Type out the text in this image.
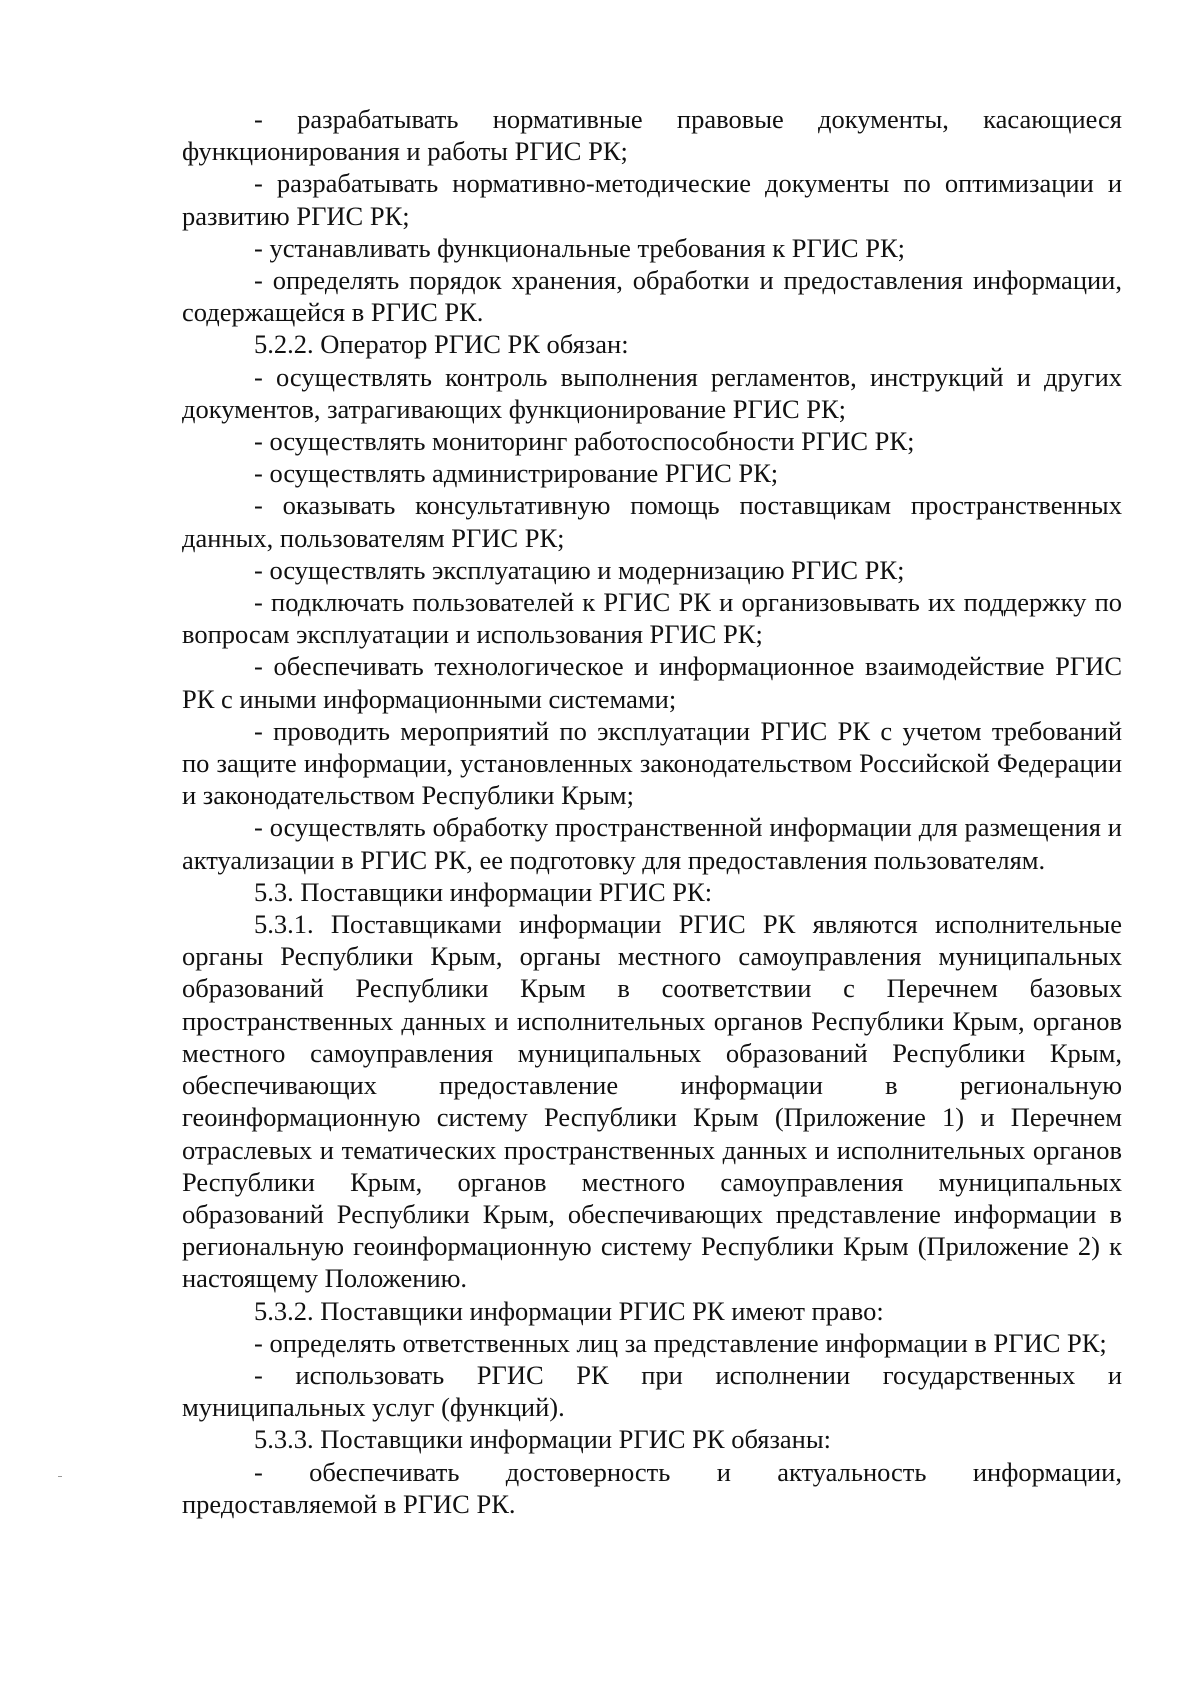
- разрабатывать нормативные правовые документы, касающиеся функционирования и работы РГИС РК;

- разрабатывать нормативно-методические документы по оптимизации и развитию РГИС РК;

- устанавливать функциональные требования к РГИС РК;

- определять порядок хранения, обработки и предоставления информации, содержащейся в РГИС РК.

5.2.2. Оператор РГИС РК обязан:

- осуществлять контроль выполнения регламентов, инструкций и других документов, затрагивающих функционирование РГИС РК;

- осуществлять мониторинг работоспособности РГИС РК;

- осуществлять администрирование РГИС РК;

- оказывать консультативную помощь поставщикам пространственных данных, пользователям РГИС РК;

- осуществлять эксплуатацию и модернизацию РГИС РК;

- подключать пользователей к РГИС РК и организовывать их поддержку по вопросам эксплуатации и использования РГИС РК;

- обеспечивать технологическое и информационное взаимодействие РГИС РК с иными информационными системами;

- проводить мероприятий по эксплуатации РГИС РК с учетом требований по защите информации, установленных законодательством Российской Федерации и законодательством Республики Крым;

- осуществлять обработку пространственной информации для размещения и актуализации в РГИС РК, ее подготовку для предоставления пользователям.

5.3. Поставщики информации РГИС РК:

5.3.1. Поставщиками информации РГИС РК являются исполнительные органы Республики Крым, органы местного самоуправления муниципальных образований Республики Крым в соответствии с Перечнем базовых пространственных данных и исполнительных органов Республики Крым, органов местного самоуправления муниципальных образований Республики Крым, обеспечивающих предоставление информации в региональную геоинформационную систему Республики Крым (Приложение 1) и Перечнем отраслевых и тематических пространственных данных и исполнительных органов Республики Крым, органов местного самоуправления муниципальных образований Республики Крым, обеспечивающих представление информации в региональную геоинформационную систему Республики Крым (Приложение 2) к настоящему Положению.

5.3.2. Поставщики информации РГИС РК имеют право:

- определять ответственных лиц за представление информации в РГИС РК;

- использовать РГИС РК при исполнении государственных и муниципальных услуг (функций).

5.3.3. Поставщики информации РГИС РК обязаны:

- обеспечивать достоверность и актуальность информации, предоставляемой в РГИС РК.
